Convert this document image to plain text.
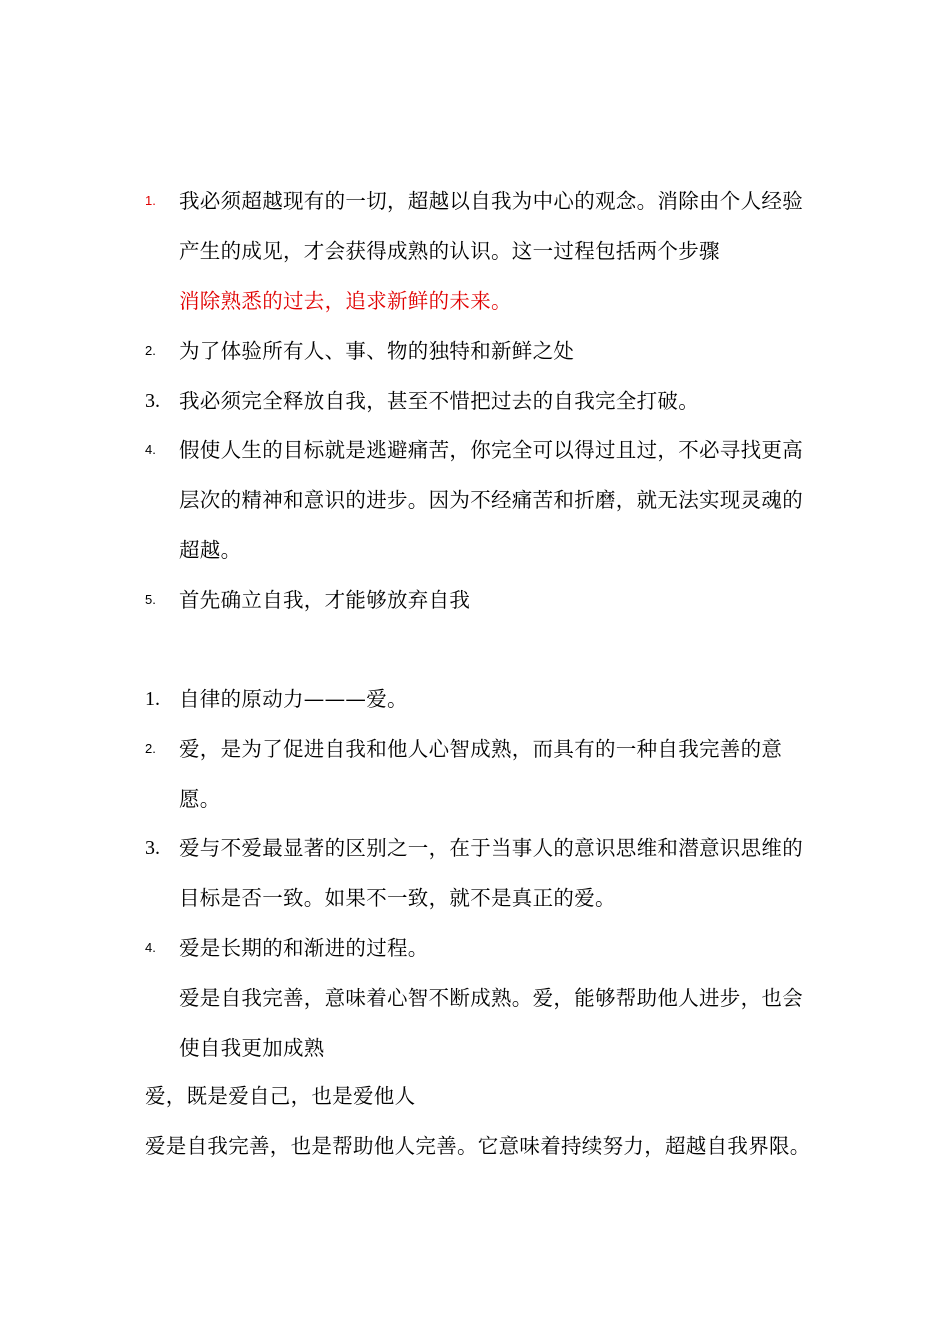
1.	我必须超越现有的一切，超越以自我为中心的观念。消除由个人经验产生的成见，才会获得成熟的认识。这一过程包括两个步骤
消除熟悉的过去，追求新鲜的未来。
2.	为了体验所有人、事、物的独特和新鲜之处
3. 我必须完全释放自我，甚至不惜把过去的自我完全打破。
4.	假使人生的目标就是逃避痛苦，你完全可以得过且过，不必寻找更高层次的精神和意识的进步。因为不经痛苦和折磨，就无法实现灵魂的超越。
5.	首先确立自我，才能够放弃自我
1. 自律的原动力———爱。
2.	爱，是为了促进自我和他人心智成熟，而具有的一种自我完善的意愿。
3. 爱与不爱最显著的区别之一，在于当事人的意识思维和潜意识思维的目标是否一致。如果不一致，就不是真正的爱。
4.	爱是长期的和渐进的过程。
爱是自我完善，意味着心智不断成熟。爱，能够帮助他人进步，也会使自我更加成熟
爱，既是爱自己，也是爱他人
爱是自我完善，也是帮助他人完善。它意味着持续努力，超越自我界限。
